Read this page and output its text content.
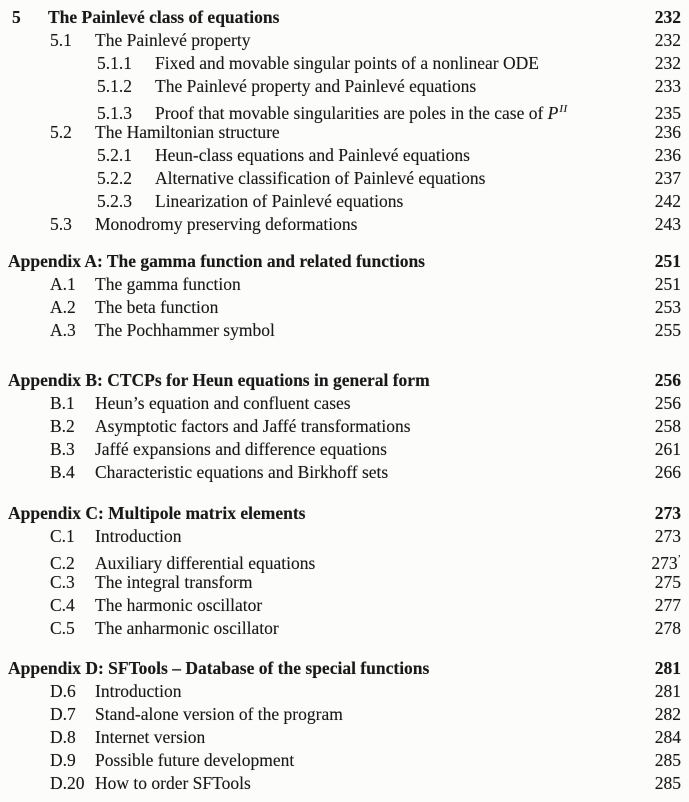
5	The Painlevé class of equations	232
5.1	The Painlevé property	232
5.1.1	Fixed and movable singular points of a nonlinear ODE	232
5.1.2	The Painlevé property and Painlevé equations	233
5.1.3	Proof that movable singularities are poles in the case of $P^{II}$	235
5.2	The Hamiltonian structure	236
5.2.1	Heun-class equations and Painlevé equations	236
5.2.2	Alternative classification of Painlevé equations	237
5.2.3	Linearization of Painlevé equations	242
5.3	Monodromy preserving deformations	243
Appendix A: The gamma function and related functions	251
A.1	The gamma function	251
A.2	The beta function	253
A.3	The Pochhammer symbol	255
Appendix B: CTCPs for Heun equations in general form	256
B.1	Heun’s equation and confluent cases	256
B.2	Asymptotic factors and Jaffé transformations	258
B.3	Jaffé expansions and difference equations	261
B.4	Characteristic equations and Birkhoff sets	266
Appendix C: Multipole matrix elements	273
C.1	Introduction	273
C.2	Auxiliary differential equations	$273^ʼ$
C.3	The integral transform	275
C.4	The harmonic oscillator	277
C.5	The anharmonic oscillator	278
Appendix D: SFTools – Database of the special functions	281
D.6	Introduction	281
D.7	Stand-alone version of the program	282
D.8	Internet version	284
D.9	Possible future development	285
D.20 How to order SFTools	285
